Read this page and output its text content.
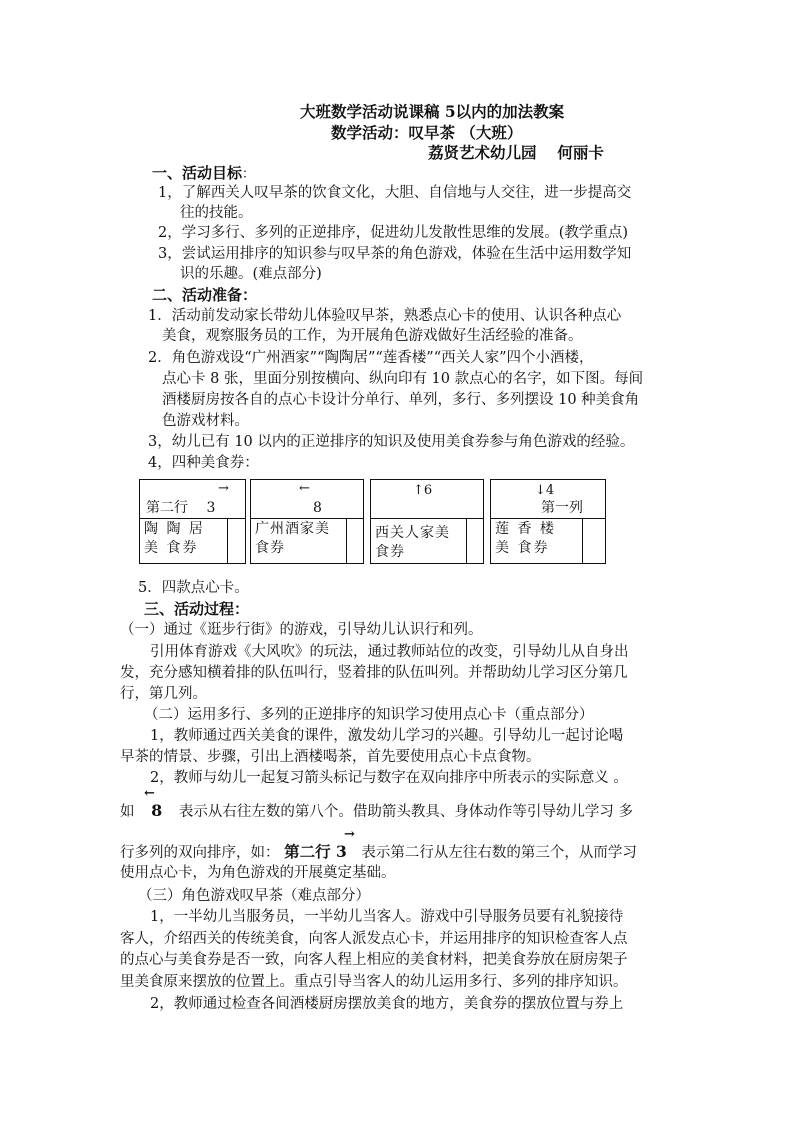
大班数学活动说课稿 5以内的加法教案
数学活动：叹早茶 （大班）
荔贤艺术幼儿园　 何丽卡
一、活动目标：
1，了解西关人叹早茶的饮食文化，大胆、自信地与人交往，进一步提高交
往的技能。
2，学习多行、多列的正逆排序，促进幼儿发散性思维的发展。(教学重点)
3，尝试运用排序的知识参与叹早茶的角色游戏，体验在生活中运用数学知
识的乐趣。(难点部分)
二、活动准备：
1．活动前发动家长带幼儿体验叹早茶，熟悉点心卡的使用、认识各种点心
美食，观察服务员的工作，为开展角色游戏做好生活经验的准备。
2．角色游戏设“广州酒家”“陶陶居”“莲香楼”“西关人家”四个小酒楼，
点心卡 8 张，里面分别按横向、纵向印有 10 款点心的名字，如下图。每间
酒楼厨房按各自的点心卡设计分单行、单列，多行、多列摆设 10 种美食角
色游戏材料。
3，幼儿已有 10 以内的正逆排序的知识及使用美食券参与角色游戏的经验。
4，四种美食券：
→
第二行　 3
陶 陶 居 美 食券
←
8
广州酒家美食券
↑6
西关人家美食券
↓4
第一列
莲 香 楼 美 食券
5．四款点心卡。
三、活动过程：
（一）通过《逛步行街》的游戏，引导幼儿认识行和列。
引用体育游戏《大风吹》的玩法，通过教师站位的改变，引导幼儿从自身出
发，充分感知横着排的队伍叫行，竖着排的队伍叫列。并帮助幼儿学习区分第几
行，第几列。
（二）运用多行、多列的正逆排序的知识学习使用点心卡（重点部分）
1，教师通过西关美食的课件，激发幼儿学习的兴趣。引导幼儿一起讨论喝
早茶的情景、步骤，引出上酒楼喝茶，首先要使用点心卡点食物。
2，教师与幼儿一起复习箭头标记与数字在双向排序中所表示的实际意义 。
←
如 8 表示从右往左数的第八个。借助箭头教具、身体动作等引导幼儿学习 多
→
行多列的双向排序，如： 第二行 3 表示第二行从左往右数的第三个，从而学习
使用点心卡，为角色游戏的开展奠定基础。
（三）角色游戏叹早茶（难点部分）
1，一半幼儿当服务员，一半幼儿当客人。游戏中引导服务员要有礼貌接待
客人，介绍西关的传统美食，向客人派发点心卡，并运用排序的知识检查客人点
的点心与美食券是否一致，向客人程上相应的美食材料，把美食券放在厨房架子
里美食原来摆放的位置上。重点引导当客人的幼儿运用多行、多列的排序知识。
2，教师通过检查各间酒楼厨房摆放美食的地方，美食券的摆放位置与券上
